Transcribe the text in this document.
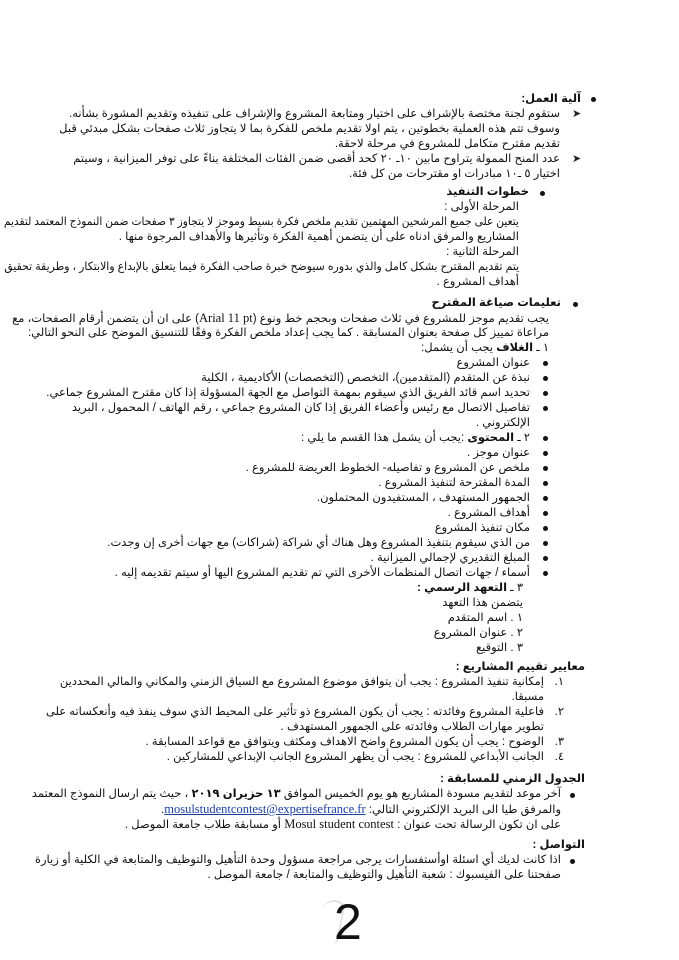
آلية العمل:
➤
ستقوم لجنة مختصة بالإشراف على اختيار ومتابعة المشروع والإشراف على تنفيذه وتقديم المشورة بشأنه.
وسوف تتم هذه العملية بخطوتين ، يتم اولا تقديم ملخص للفكرة بما لا يتجاوز ثلاث صفحات بشكل مبدئي قبل
تقديم مقترح متكامل للمشروع في مرحلة لاحقة.
➤
عدد المنح الممولة يتراوح مابين ١٠ـ ٢٠ كحد أقصى ضمن الفئات المختلفة بناءً على توفر الميزانية ، وسيتم
اختيار ٥ ـ١٠ مبادرات او مقترحات من كل فئة.
خطوات التنفيذ
المرحلة الأولى :
يتعين على جميع المرشحين المهتمين تقديم ملخص فكرة بسيط وموجز لا يتجاوز ٣ صفحات ضمن النموذج المعتمد لتقديم
المشاريع والمرفق ادناه على أن يتضمن أهمية الفكرة وتأثيرها والأهداف المرجوة منها .
المرحلة الثانية :
يتم تقديم المقترح بشكل كامل والذي بدوره سيوضح خبرة صاحب الفكرة فيما يتعلق بالإبداع والابتكار ، وطريقة تحقيق
أهداف المشروع .
تعليمات صياغة المقترح
يجب تقديم موجز للمشروع في ثلاث صفحات وبحجم خط ونوع (Arial 11 pt) على ان أن يتضمن أرقام الصفحات، مع
مراعاة تمييز كل صفحة بعنوان المسابقة . كما يجب إعداد ملخص الفكرة وفقًا للتنسيق الموضح على النحو التالي:
١ ـ الغلاف يجب أن يشمل:
عنوان المشروع
نبذة عن المتقدم (المتقدمين)، التخصص (التخصصات) الأكاديمية ، الكلية
تحديد اسم قائد الفريق الذي سيقوم بمهمة التواصل مع الجهة المسؤولة إذا كان مقترح المشروع جماعي.
تفاصيل الاتصال مع رئيس وأعضاء الفريق إذا كان المشروع جماعي ، رقم الهاتف / المحمول ، البريد
الإلكتروني .
٢ ـ المحتوى :يجب أن يشمل هذا القسم ما يلي :
عنوان موجز .
ملخص عن المشروع و تفاصيله- الخطوط العريضة للمشروع .
المدة المقترحة لتنفيذ المشروع .
الجمهور المستهدف ، المستفيدون المحتملون.
أهداف المشروع .
مكان تنفيذ المشروع
من الذي سيقوم بتنفيذ المشروع وهل هناك أي شراكة (شراكات) مع جهات أخرى إن وجدت.
المبلغ التقديري لإجمالي الميزانية .
أسماء / جهات اتصال المنظمات الأخرى التي تم تقديم المشروع اليها أو سيتم تقديمه إليه .
٣ ـ التعهد الرسمي :
يتضمن هذا التعهد
١ . اسم المتقدم
٢ . عنوان المشروع
٣ . التوقيع
معايير تقييم المشاريع :
١.
إمكانية تنفيذ المشروع : يجب أن يتوافق موضوع المشروع مع السياق الزمني والمكاني والمالي المحددين
مسبقا.
٢.
فاعلية المشروع وفائدته : يجب أن يكون المشروع ذو تأثير على المحيط الذي سوف ينفذ فيه وأنعكساته على
تطوير مهارات الطلاب وفائدته على الجمهور المستهدف .
٣.
الوضوح : يجب أن يكون المشروع واضح الاهداف ومكثف ويتوافق مع قواعد المسابقة .
٤.
الجانب الأبداعي للمشروع : يجب أن يظهر المشروع الجانب الإبداعي للمشاركين .
الجدول الزمني للمسابقة :
آخر موعد لتقديم مسودة المشاريع هو يوم الخميس الموافق ١٣ حزيران ٢٠١٩ ، حيث يتم ارسال النموذج المعتمد
والمرفق طيا الى البريد الإلكتروني التالي: mosulstudentcontest@expertisefrance.fr.
على ان تكون الرسالة تحت عنوان : Mosul student contest أو مسابقة طلاب جامعة الموصل .
التواصل :
اذا كانت لديك أي اسئلة اوأستفسارات يرجى مراجعة مسؤول وحدة التأهيل والتوظيف والمتابعة في الكلية أو زيارة
صفحتنا على الفيسبوك : شعبة التأهيل والتوظيف والمتابعة / جامعة الموصل .
2
